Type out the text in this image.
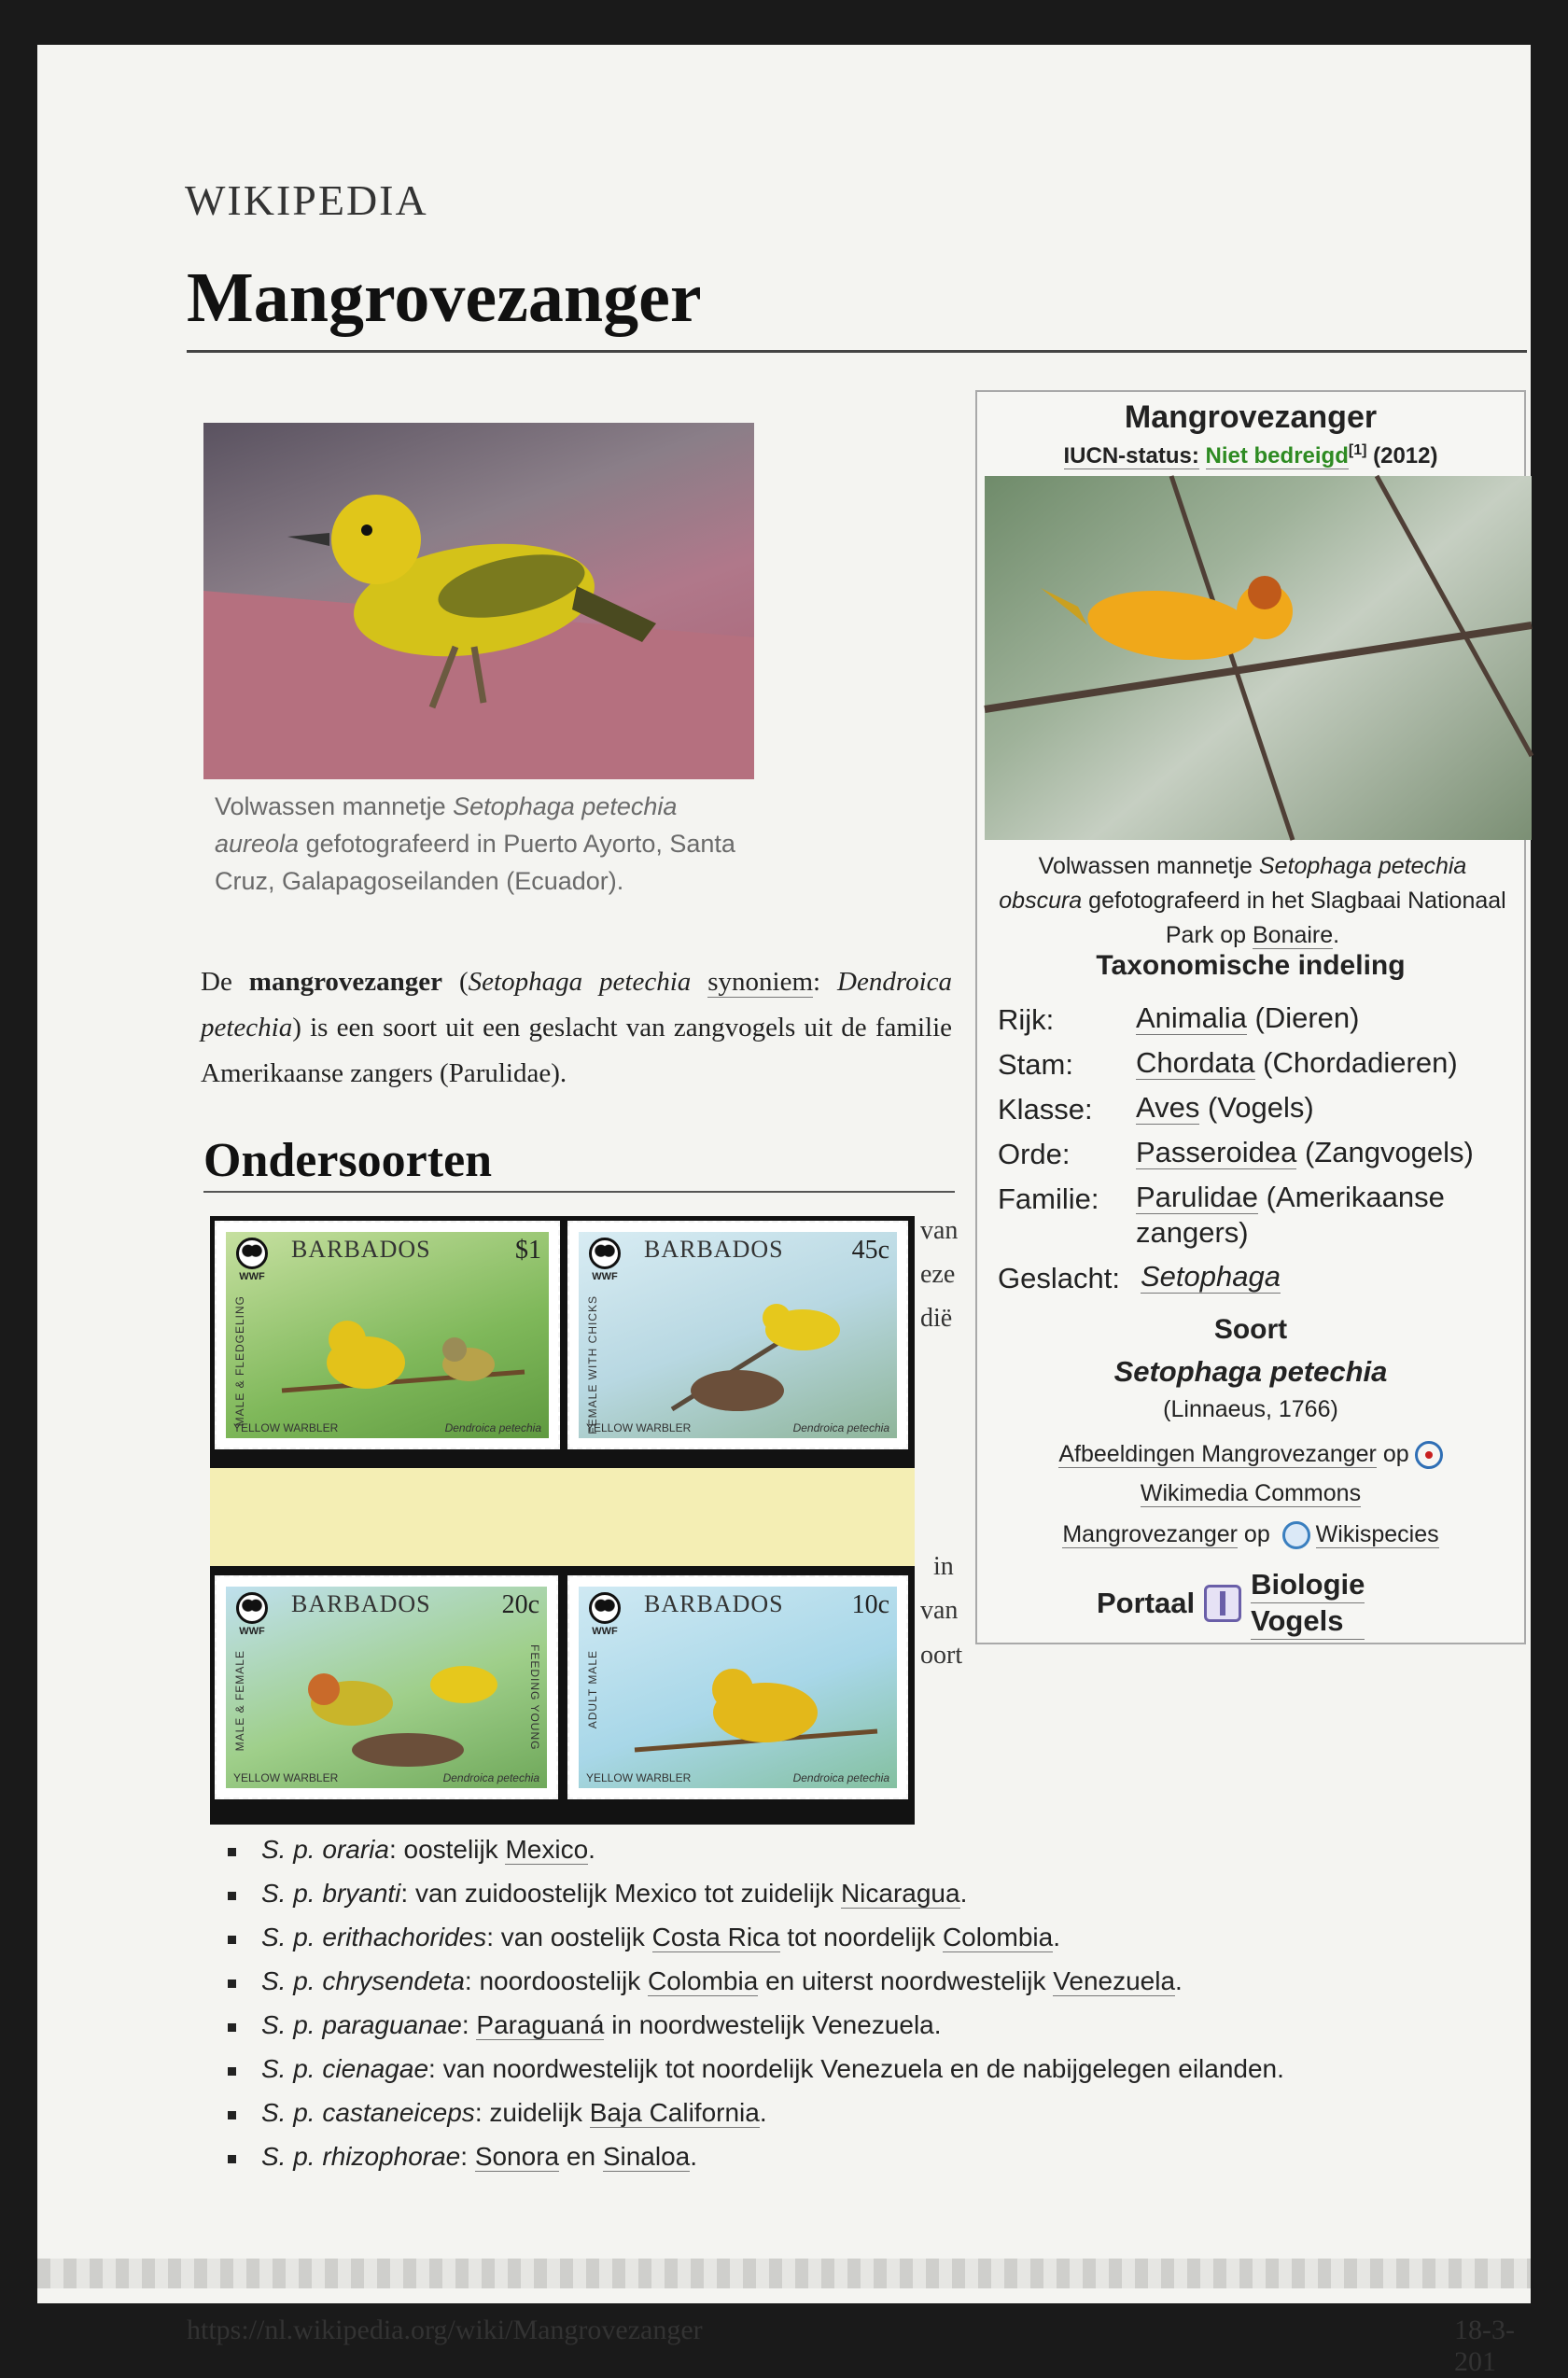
WIKIPEDIA
Mangrovezanger
Volwassen mannetje Setophaga petechia aureola gefotografeerd in Puerto Ayorto, Santa Cruz, Galapagoseilanden (Ecuador).

De mangrovezanger (Setophaga petechia synoniem: Dendroica petechia) is een soort uit een geslacht van zangvogels uit de familie Amerikaanse zangers (Parulidae).

Ondersoorten
van
eze
dië
in
van
oort
WWF
BARBADOS	$1
MALE & FLEDGELING
YELLOW WARBLER	Dendroica petechia
WWF
BARBADOS	45c
FEMALE WITH CHICKS
YELLOW WARBLER	Dendroica petechia
WWF
BARBADOS	20c
MALE & FEMALE	FEEDING YOUNG
YELLOW WARBLER	Dendroica petechia
WWF
BARBADOS	10c
ADULT MALE
YELLOW WARBLER	Dendroica petechia
Mangrovezanger
IUCN-status: Niet bedreigd[1] (2012)
Volwassen mannetje Setophaga petechia obscura gefotografeerd in het Slagbaai Nationaal Park op Bonaire.
Taxonomische indeling
Rijk:	Animalia (Dieren)
Stam:	Chordata (Chordadieren)
Klasse:	Aves (Vogels)
Orde:	Passeroidea (Zangvogels)
Familie:	Parulidae (Amerikaanse zangers)
Geslacht: Setophaga
Soort
Setophaga petechia
(Linnaeus, 1766)
Afbeeldingen Mangrovezanger op
Wikimedia Commons
Mangrovezanger op Wikispecies
Portaal
Biologie
Vogels
S. p. oraria: oostelijk Mexico.
S. p. bryanti: van zuidoostelijk Mexico tot zuidelijk Nicaragua.
S. p. erithachorides: van oostelijk Costa Rica tot noordelijk Colombia.
S. p. chrysendeta: noordoostelijk Colombia en uiterst noordwestelijk Venezuela.
S. p. paraguanae: Paraguaná in noordwestelijk Venezuela.
S. p. cienagae: van noordwestelijk tot noordelijk Venezuela en de nabijgelegen eilanden.
S. p. castaneiceps: zuidelijk Baja California.
S. p. rhizophorae: Sonora en Sinaloa.
https://nl.wikipedia.org/wiki/Mangrovezanger	18-3-201
